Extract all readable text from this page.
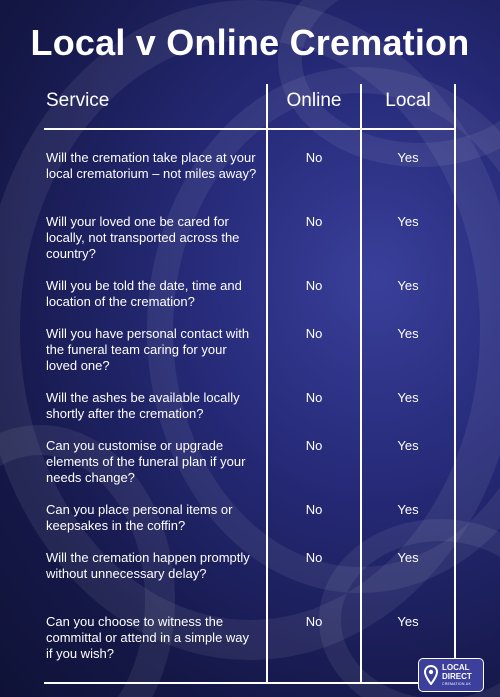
Local v Online Cremation
Service	Online	Local
Will the cremation take place at your local crematorium – not miles away?
No	Yes
Will your loved one be cared for locally, not transported across the country?
No	Yes
Will you be told the date, time and location of the cremation?
No	Yes
Will you have personal contact with the funeral team caring for your loved one?
No	Yes
Will the ashes be available locally shortly after the cremation?
No	Yes
Can you customise or upgrade elements of the funeral plan if your needs change?
No	Yes
Can you place personal items or keepsakes in the coffin?
No	Yes
Will the cremation happen promptly without unnecessary delay?
No	Yes
Can you choose to witness the committal or attend in a simple way if you wish?
No	Yes
LOCAL
DIRECT
CREMATION.UK
